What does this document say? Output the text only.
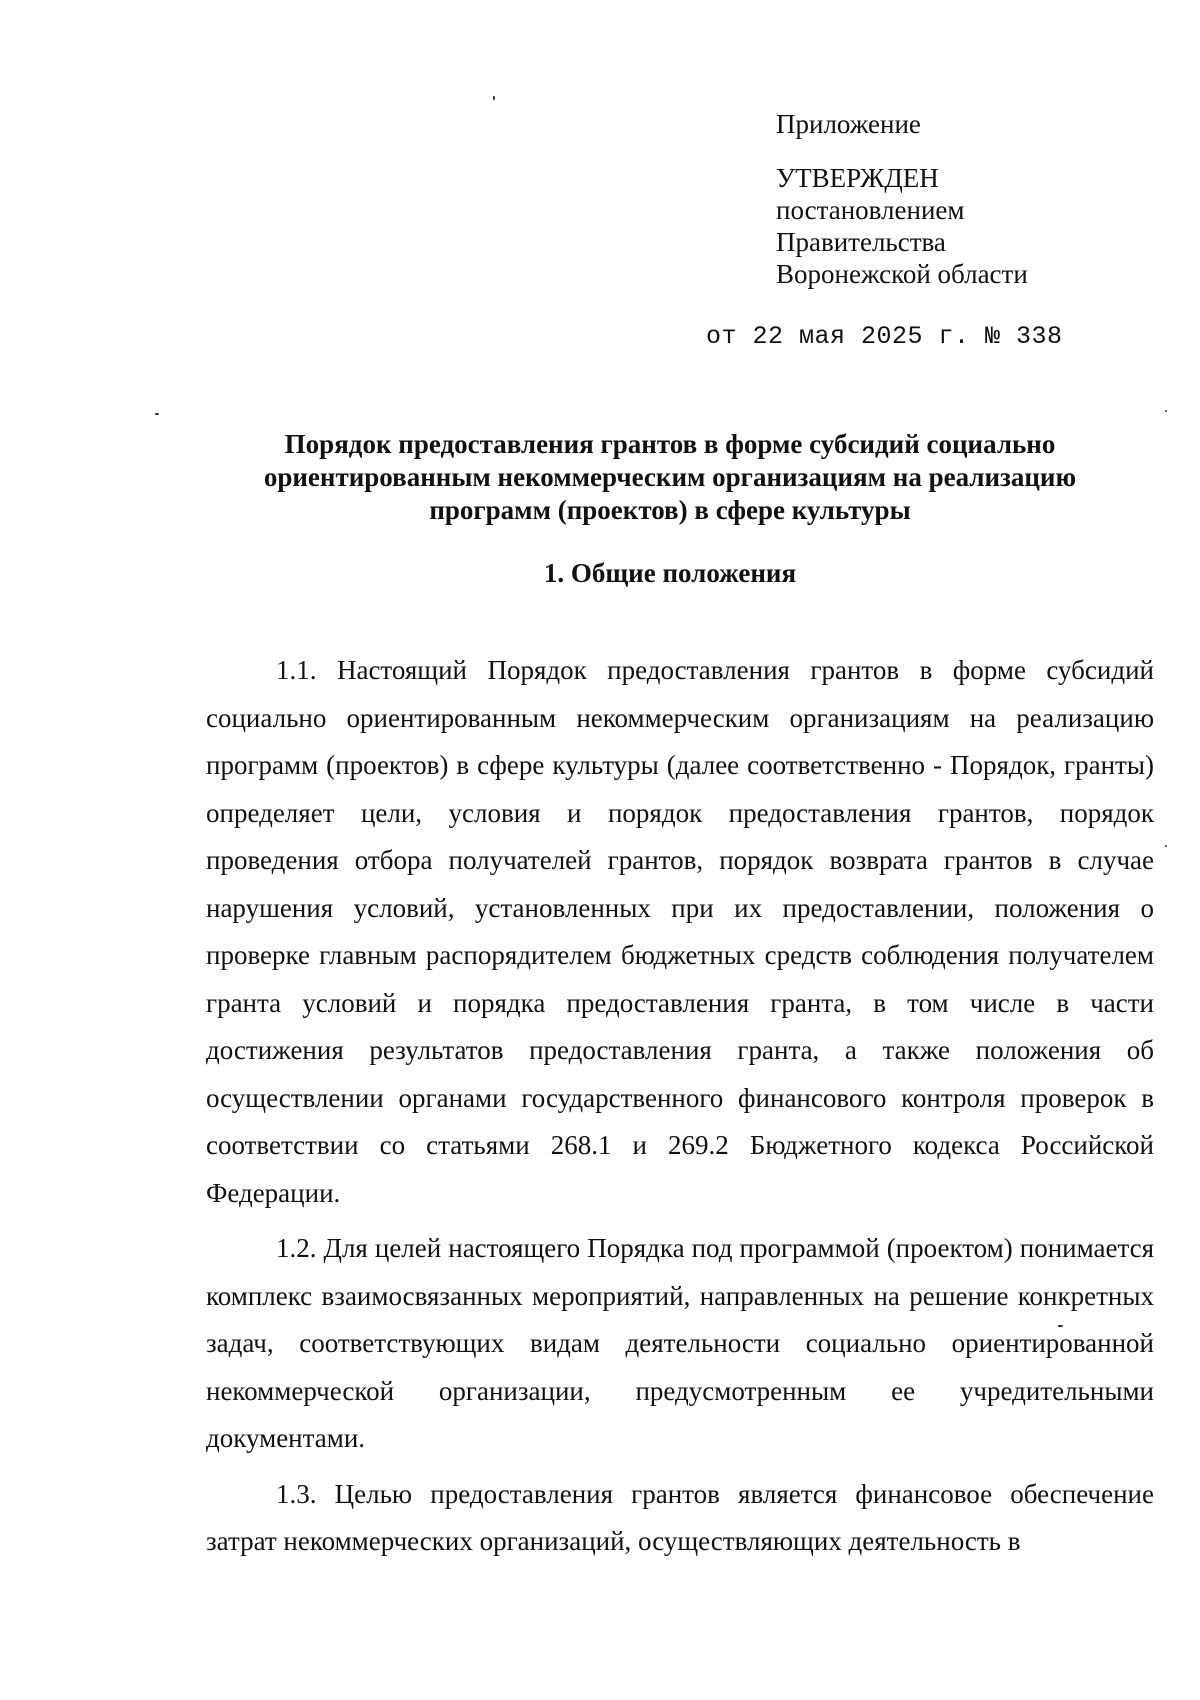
Приложение
УТВЕРЖДЕН
постановлением
Правительства
Воронежской области
от 22 мая 2025 г. № 338
Порядок предоставления грантов в форме субсидий социально ориентированным некоммерческим организациям на реализацию программ (проектов) в сфере культуры
1. Общие положения

1.1. Настоящий Порядок предоставления грантов в форме субсидий социально ориентированным некоммерческим организациям на реализацию программ (проектов) в сфере культуры (далее соответственно - Порядок, гранты) определяет цели, условия и порядок предоставления грантов, порядок проведения отбора получателей грантов, порядок возврата грантов в случае нарушения условий, установленных при их предоставлении, положения о проверке главным распорядителем бюджетных средств соблюдения получателем гранта условий и порядка предоставления гранта, в том числе в части достижения результатов предоставления гранта, а также положения об осуществлении органами государственного финансового контроля проверок в соответствии со статьями 268.1 и 269.2 Бюджетного кодекса Российской Федерации.

1.2. Для целей настоящего Порядка под программой (проектом) понимается комплекс взаимосвязанных мероприятий, направленных на решение конкретных задач, соответствующих видам деятельности социально ориентированной некоммерческой организации, предусмотренным ее учредительными документами.

1.3. Целью предоставления грантов является финансовое обеспечение затрат некоммерческих организаций, осуществляющих деятельность в
